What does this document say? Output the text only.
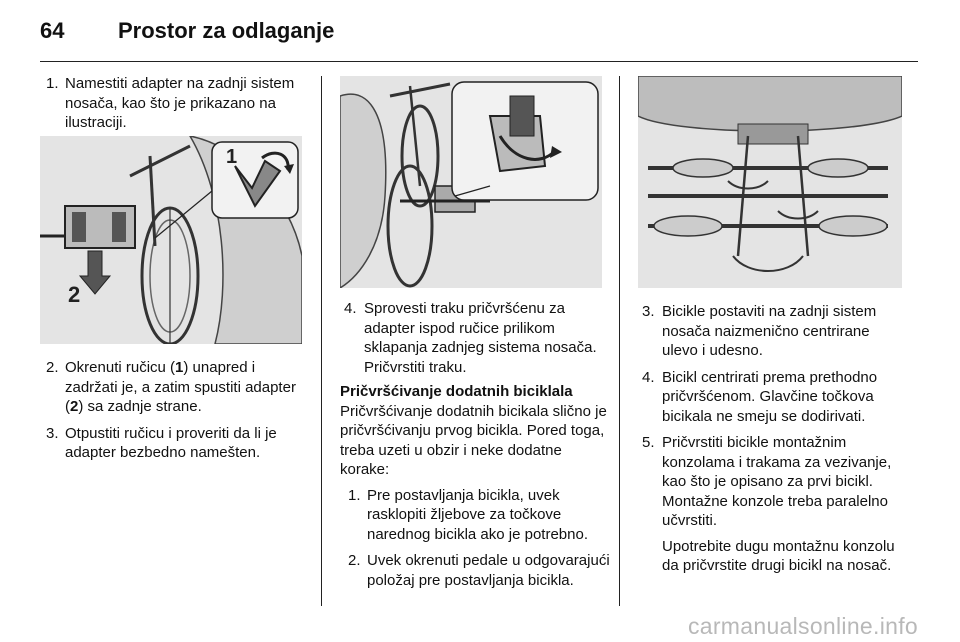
64 Prostor za odlaganje
1. Namestiti adapter na zadnji sistem nosača, kao što je prikazano na ilustraciji.
1
2
2. Okrenuti ručicu (1) unapred i zadržati je, a zatim spustiti adapter (2) sa zadnje strane.
3. Otpustiti ručicu i proveriti da li je adapter bezbedno namešten.
4. Sprovesti traku pričvršćenu za adapter ispod ručice prilikom sklapanja zadnjeg sistema nosača. Pričvrstiti traku.
Pričvršćivanje dodatnih biciklala

Pričvršćivanje dodatnih bicikala slično je pričvršćivanju prvog bicikla. Pored toga, treba uzeti u obzir i neke dodatne korake:

1. Pre postavljanja bicikla, uvek rasklopiti žljebove za točkove narednog bicikla ako je potrebno.
2. Uvek okrenuti pedale u odgovarajući položaj pre postavljanja bicikla.
3. Bicikle postaviti na zadnji sistem nosača naizmenično centrirane ulevo i udesno.
4. Bicikl centrirati prema prethodno pričvršćenom. Glavčine točkova bicikala ne smeju se dodirivati.
5. Pričvrstiti bicikle montažnim konzolama i trakama za vezivanje, kao što je opisano za prvi bicikl. Montažne konzole treba paralelno učvrstiti.
Upotrebite dugu montažnu konzolu da pričvrstite drugi bicikl na nosač.
carmanualsonline.info
